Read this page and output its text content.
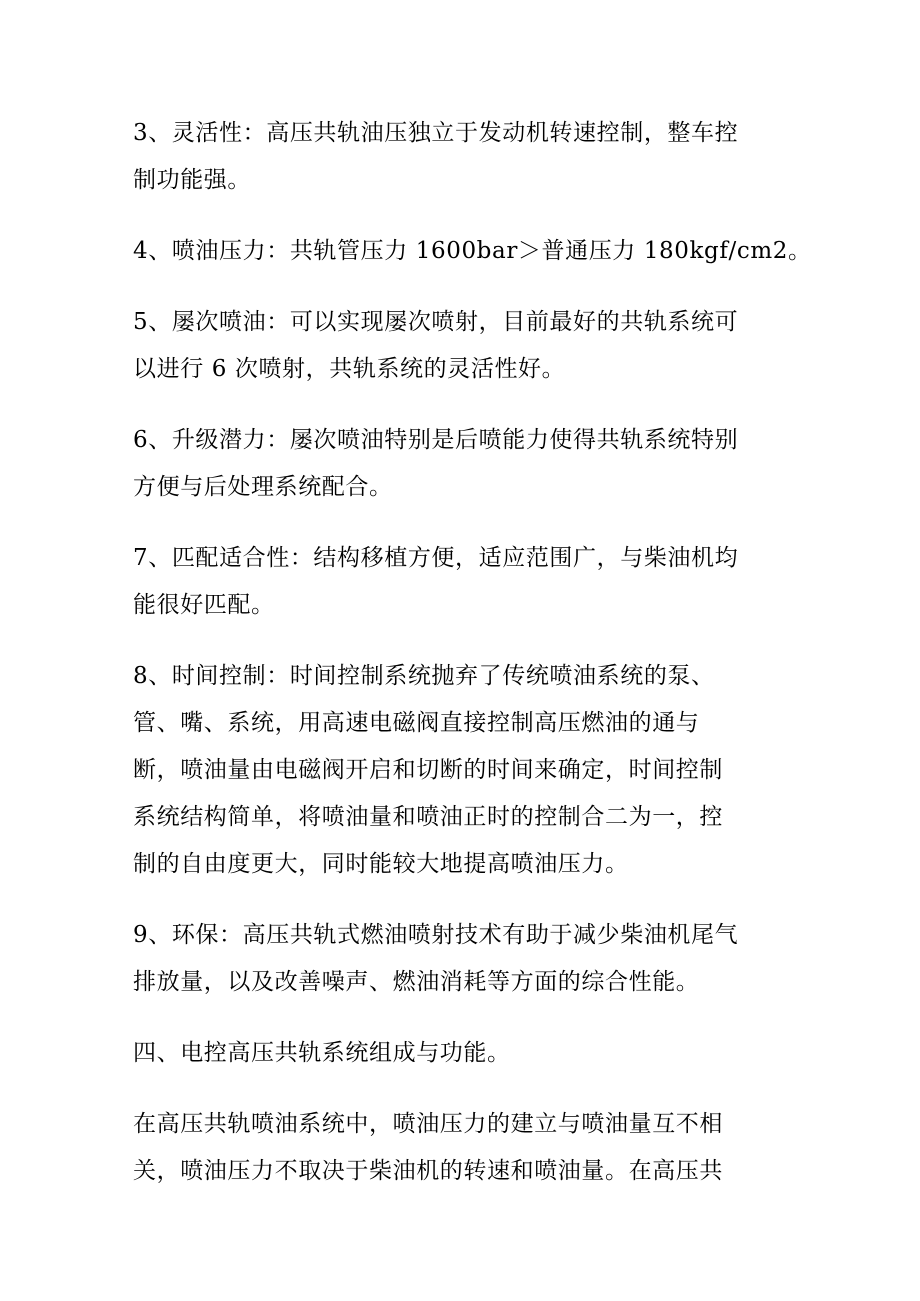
3、灵活性：高压共轨油压独立于发动机转速控制，整车控
制功能强。

4、喷油压力：共轨管压力 1600bar＞普通压力 180kgf/cm2。

5、屡次喷油：可以实现屡次喷射，目前最好的共轨系统可
以进行 6 次喷射，共轨系统的灵活性好。

6、升级潜力：屡次喷油特别是后喷能力使得共轨系统特别
方便与后处理系统配合。

7、匹配适合性：结构移植方便，适应范围广，与柴油机均
能很好匹配。

8、时间控制：时间控制系统抛弃了传统喷油系统的泵、
管、嘴、系统，用高速电磁阀直接控制高压燃油的通与
断，喷油量由电磁阀开启和切断的时间来确定，时间控制
系统结构简单，将喷油量和喷油正时的控制合二为一，控
制的自由度更大，同时能较大地提高喷油压力。

9、环保：高压共轨式燃油喷射技术有助于减少柴油机尾气
排放量，以及改善噪声、燃油消耗等方面的综合性能。

四、电控高压共轨系统组成与功能。

在高压共轨喷油系统中，喷油压力的建立与喷油量互不相
关，喷油压力不取决于柴油机的转速和喷油量。在高压共
